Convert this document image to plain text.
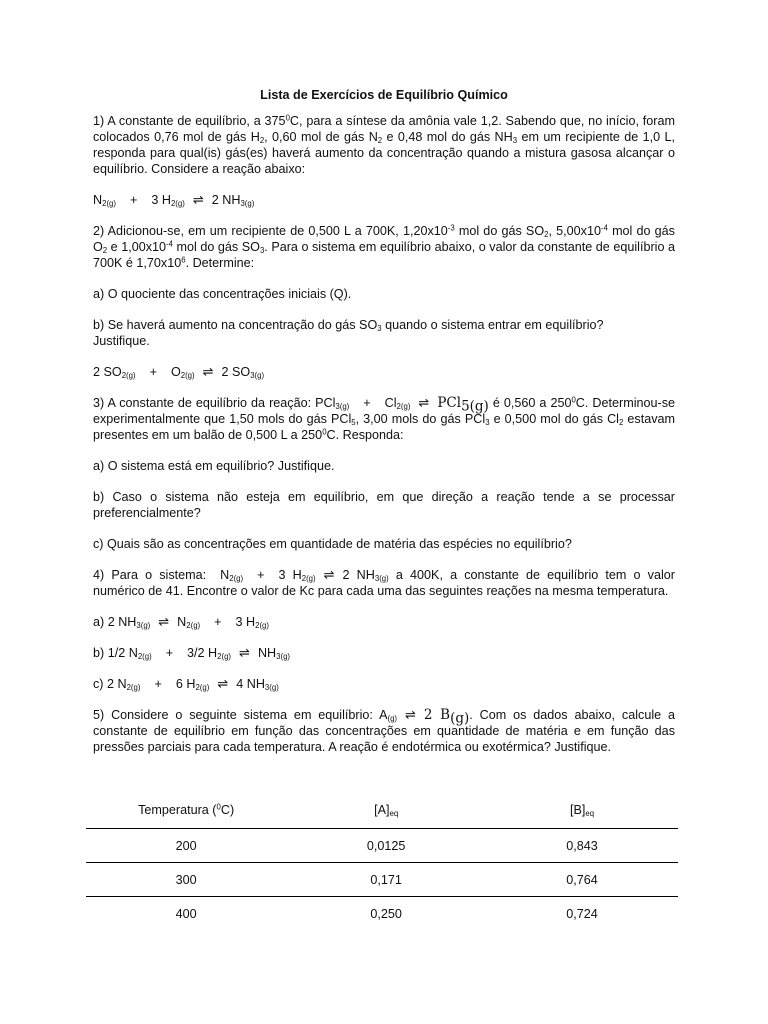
Lista de Exercícios de Equilíbrio Químico

1) A constante de equilíbrio, a $375^0C$, para a síntese da amônia vale 1,2. Sabendo que, no início, foram colocados 0,76 mol de gás $H_2$, 0,60 mol de gás $N_2$ e 0,48 mol do gás $NH_3$ em um recipiente de 1,0 L, responda para qual(is) gás(es) haverá aumento da concentração quando a mistura gasosa alcançar o equilíbrio. Considere a reação abaixo:

$N_{2(g)} + 3$ $H_{2(g)}$ ⇌ 2 $NH_{3(g)}$

2) Adicionou-se, em um recipiente de 0,500 L a 700K, $1,20x10^{-3}$ mol do gás $SO_2$, $5,00x10^{-4}$ mol do gás $O_2$ e $1,00x10^{-4}$ mol do gás $SO_3$. Para o sistema em equilíbrio abaixo, o valor da constante de equilíbrio a 700K é $1,70x10^6$. Determine:

a) O quociente das concentrações iniciais (Q).

b) Se haverá aumento na concentração do gás $SO_3$ quando o sistema entrar em equilíbrio?
Justifique.

2 $SO_{2(g)} + O_{2(g)}$ ⇌ 2 $SO_{3(g)}$

3) A constante de equilíbrio da reação: $PCl_{3(g)} + Cl_{2(g)}$ ⇌ PCl$_{5(g)}$ é 0,560 a $250^0C$. Determinou-se experimentalmente que 1,50 mols do gás PCl$_5$, 3,00 mols do gás PCl$_3$ e 0,500 mol do gás $Cl_2$ estavam presentes em um balão de 0,500 L a $250^0C$. Responda:

a) O sistema está em equilíbrio? Justifique.

b) Caso o sistema não esteja em equilíbrio, em que direção a reação tende a se processar preferencialmente?

c) Quais são as concentrações em quantidade de matéria das espécies no equilíbrio?

4) Para o sistema: $N_{2(g)} + 3$ $H_{2(g)}$ ⇌ 2 $NH_{3(g)}$ a 400K, a constante de equilíbrio tem o valor numérico de 41. Encontre o valor de Kc para cada uma das seguintes reações na mesma temperatura.

a) 2 $NH_{3(g)}$ ⇌ $N_{2(g)} + 3$ $H_{2(g)}$

b) 1/2 $N_{2(g)} + 3/2$ $H_{2(g)}$ ⇌ $NH_{3(g)}$

c) 2 $N_{2(g)} + 6$ $H_{2(g)}$ ⇌ 4 $NH_{3(g)}$

5) Considere o seguinte sistema em equilíbrio: $A_{(g)}$ ⇌ 2 $B_{(g)}$. Com os dados abaixo, calcule a constante de equilíbrio em função das concentrações em quantidade de matéria e em função das pressões parciais para cada temperatura. A reação é endotérmica ou exotérmica? Justifique.

Temperatura ($^0$C)	$[A]_{eq}$	$[B]_{eq}$
200	0,0125	0,843
300	0,171	0,764
400	0,250	0,724
